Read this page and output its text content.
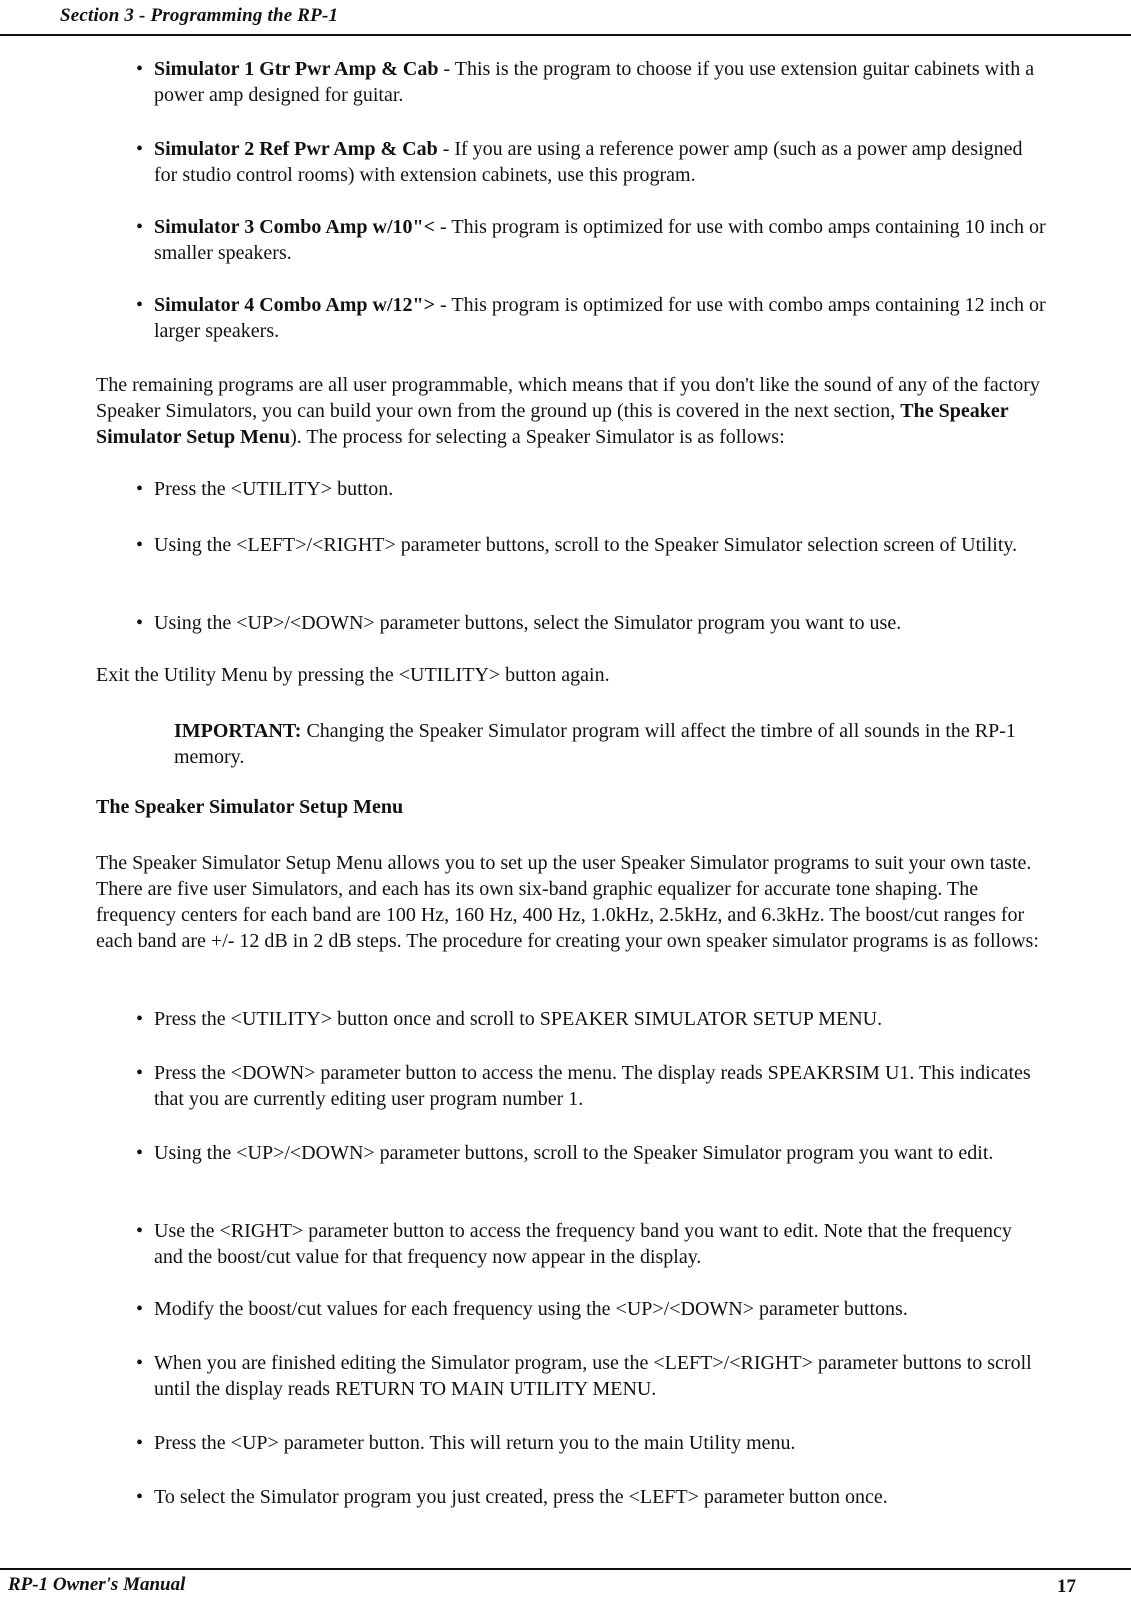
Section 3 - Programming the RP-1

• Simulator 1 Gtr Pwr Amp & Cab - This is the program to choose if you use extension guitar cabinets with a power amp designed for guitar.

• Simulator 2 Ref Pwr Amp & Cab - If you are using a reference power amp (such as a power amp designed for studio control rooms) with extension cabinets, use this program.

• Simulator 3 Combo Amp w/10"< - This program is optimized for use with combo amps containing 10 inch or smaller speakers.

• Simulator 4 Combo Amp w/12"> - This program is optimized for use with combo amps containing 12 inch or larger speakers.

The remaining programs are all user programmable, which means that if you don't like the sound of any of the factory Speaker Simulators, you can build your own from the ground up (this is covered in the next section, The Speaker Simulator Setup Menu). The process for selecting a Speaker Simulator is as follows:

• Press the <UTILITY> button.

• Using the <LEFT>/<RIGHT> parameter buttons, scroll to the Speaker Simulator selection screen of Utility.

• Using the <UP>/<DOWN> parameter buttons, select the Simulator program you want to use.

Exit the Utility Menu by pressing the <UTILITY> button again.

IMPORTANT: Changing the Speaker Simulator program will affect the timbre of all sounds in the RP-1 memory.

The Speaker Simulator Setup Menu

The Speaker Simulator Setup Menu allows you to set up the user Speaker Simulator programs to suit your own taste. There are five user Simulators, and each has its own six-band graphic equalizer for accurate tone shaping. The frequency centers for each band are 100 Hz, 160 Hz, 400 Hz, 1.0kHz, 2.5kHz, and 6.3kHz. The boost/cut ranges for each band are +/- 12 dB in 2 dB steps. The procedure for creating your own speaker simulator programs is as follows:

• Press the <UTILITY> button once and scroll to SPEAKER SIMULATOR SETUP MENU.

• Press the <DOWN> parameter button to access the menu. The display reads SPEAKRSIM U1. This indicates that you are currently editing user program number 1.

• Using the <UP>/<DOWN> parameter buttons, scroll to the Speaker Simulator program you want to edit.

• Use the <RIGHT> parameter button to access the frequency band you want to edit. Note that the frequency and the boost/cut value for that frequency now appear in the display.

• Modify the boost/cut values for each frequency using the <UP>/<DOWN> parameter buttons.

• When you are finished editing the Simulator program, use the <LEFT>/<RIGHT> parameter buttons to scroll until the display reads RETURN TO MAIN UTILITY MENU.

• Press the <UP> parameter button. This will return you to the main Utility menu.

• To select the Simulator program you just created, press the <LEFT> parameter button once.

RP-1 Owner's Manual	17
